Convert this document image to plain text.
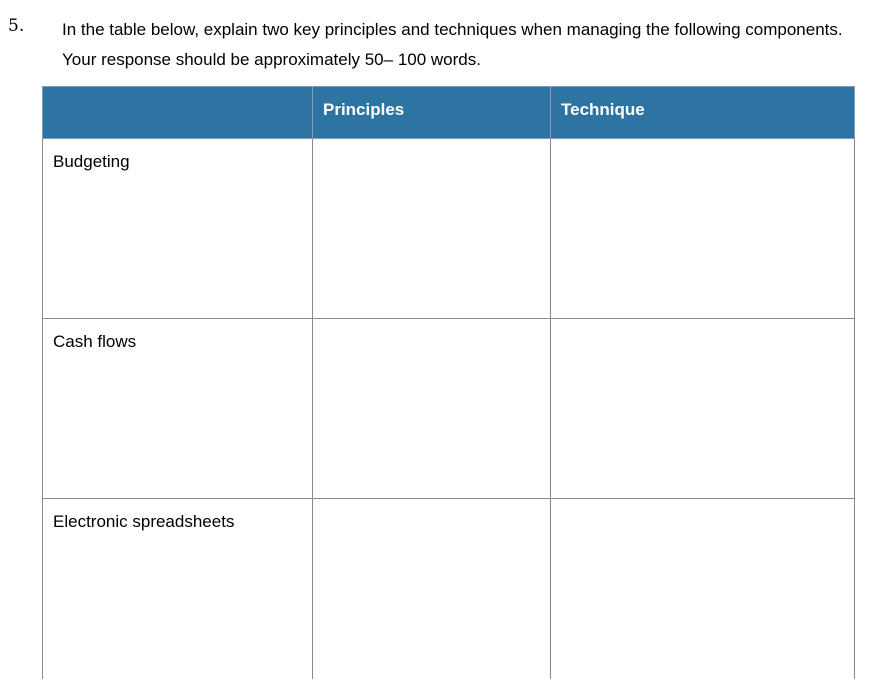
5. In the table below, explain two key principles and techniques when managing the following components. Your response should be approximately 50– 100 words.

	Principles	Technique

Budgeting		

Cash flows		

Electronic spreadsheets		
